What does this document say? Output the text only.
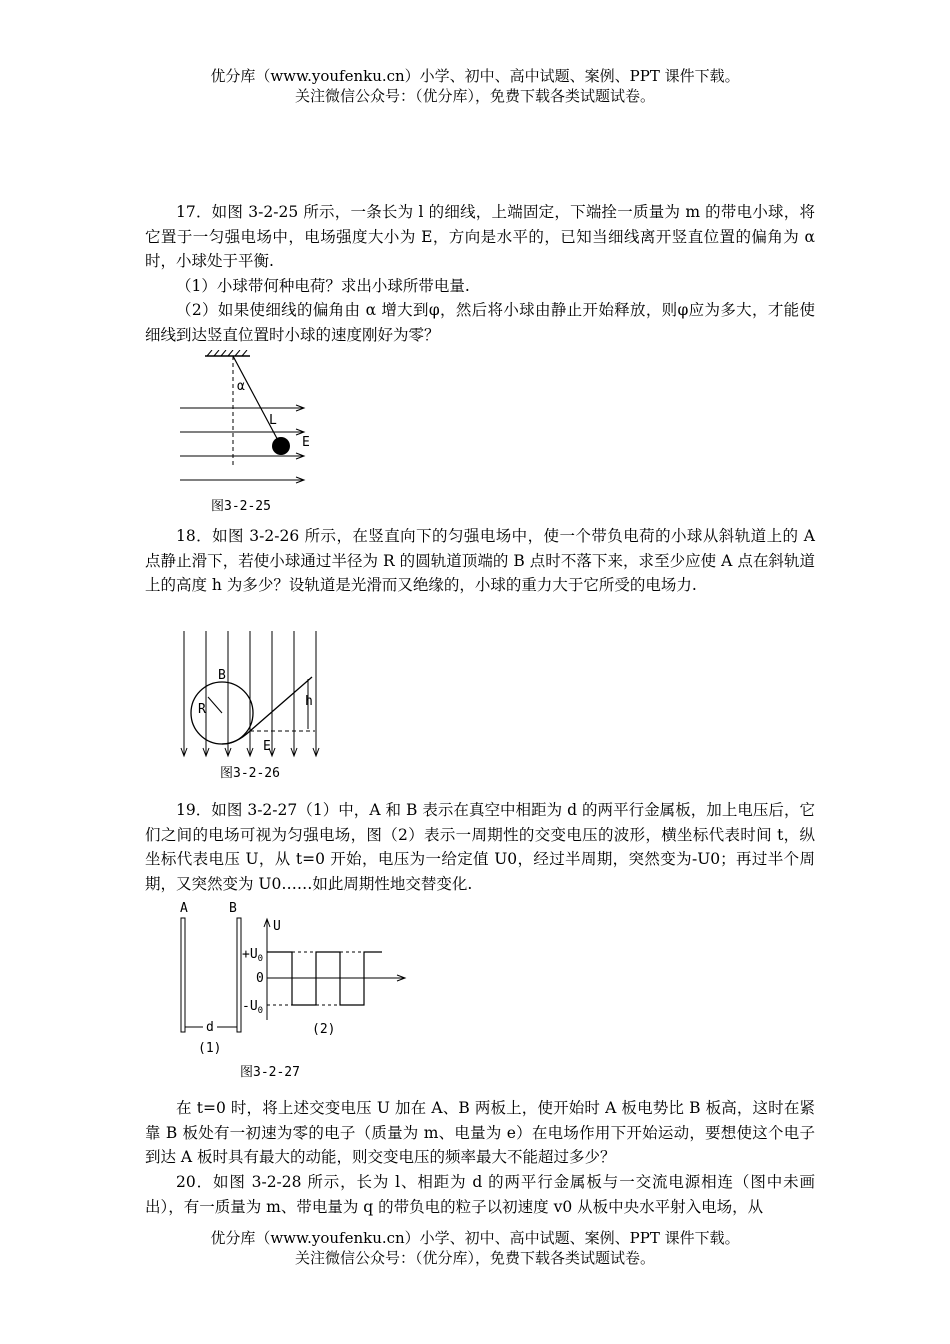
优分库（www.youfenku.cn）小学、初中、高中试题、案例、PPT 课件下载。
关注微信公众号：（优分库），免费下载各类试题试卷。
17．如图 3-2-25 所示，一条长为 l 的细线，上端固定，下端拴一质量为 m 的带电小球，将它置于一匀强电场中，电场强度大小为 E，方向是水平的，已知当细线离开竖直位置的偏角为 α 时，小球处于平衡.
（1）小球带何种电荷？求出小球所带电量.
（2）如果使细线的偏角由 α 增大到φ，然后将小球由静止开始释放，则φ应为多大，才能使细线到达竖直位置时小球的速度刚好为零？
α
L
E
图3-2-25
18．如图 3-2-26 所示，在竖直向下的匀强电场中，使一个带负电荷的小球从斜轨道上的 A 点静止滑下，若使小球通过半径为 R 的圆轨道顶端的 B 点时不落下来，求至少应使 A 点在斜轨道上的高度 h 为多少？设轨道是光滑而又绝缘的，小球的重力大于它所受的电场力.
B
R
h
E
图3-2-26
19．如图 3-2-27（1）中，A 和 B 表示在真空中相距为 d 的两平行金属板，加上电压后，它们之间的电场可视为匀强电场，图（2）表示一周期性的交变电压的波形，横坐标代表时间 t，纵坐标代表电压 U，从 t=0 开始，电压为一给定值 U0，经过半周期，突然变为-U0；再过半个周期，又突然变为 U0……如此周期性地交替变化.
A	B
d
(1)
U
$+U_0$
0
$-U_0$
(2)
图3-2-27
在 t=0 时，将上述交变电压 U 加在 A、B 两板上，使开始时 A 板电势比 B 板高，这时在紧靠 B 板处有一初速为零的电子（质量为 m、电量为 e）在电场作用下开始运动，要想使这个电子到达 A 板时具有最大的动能，则交变电压的频率最大不能超过多少？
20．如图 3-2-28 所示，长为 l、相距为 d 的两平行金属板与一交流电源相连（图中未画出），有一质量为 m、带电量为 q 的带负电的粒子以初速度 v0 从板中央水平射入电场，从
优分库（www.youfenku.cn）小学、初中、高中试题、案例、PPT 课件下载。
关注微信公众号：（优分库），免费下载各类试题试卷。
